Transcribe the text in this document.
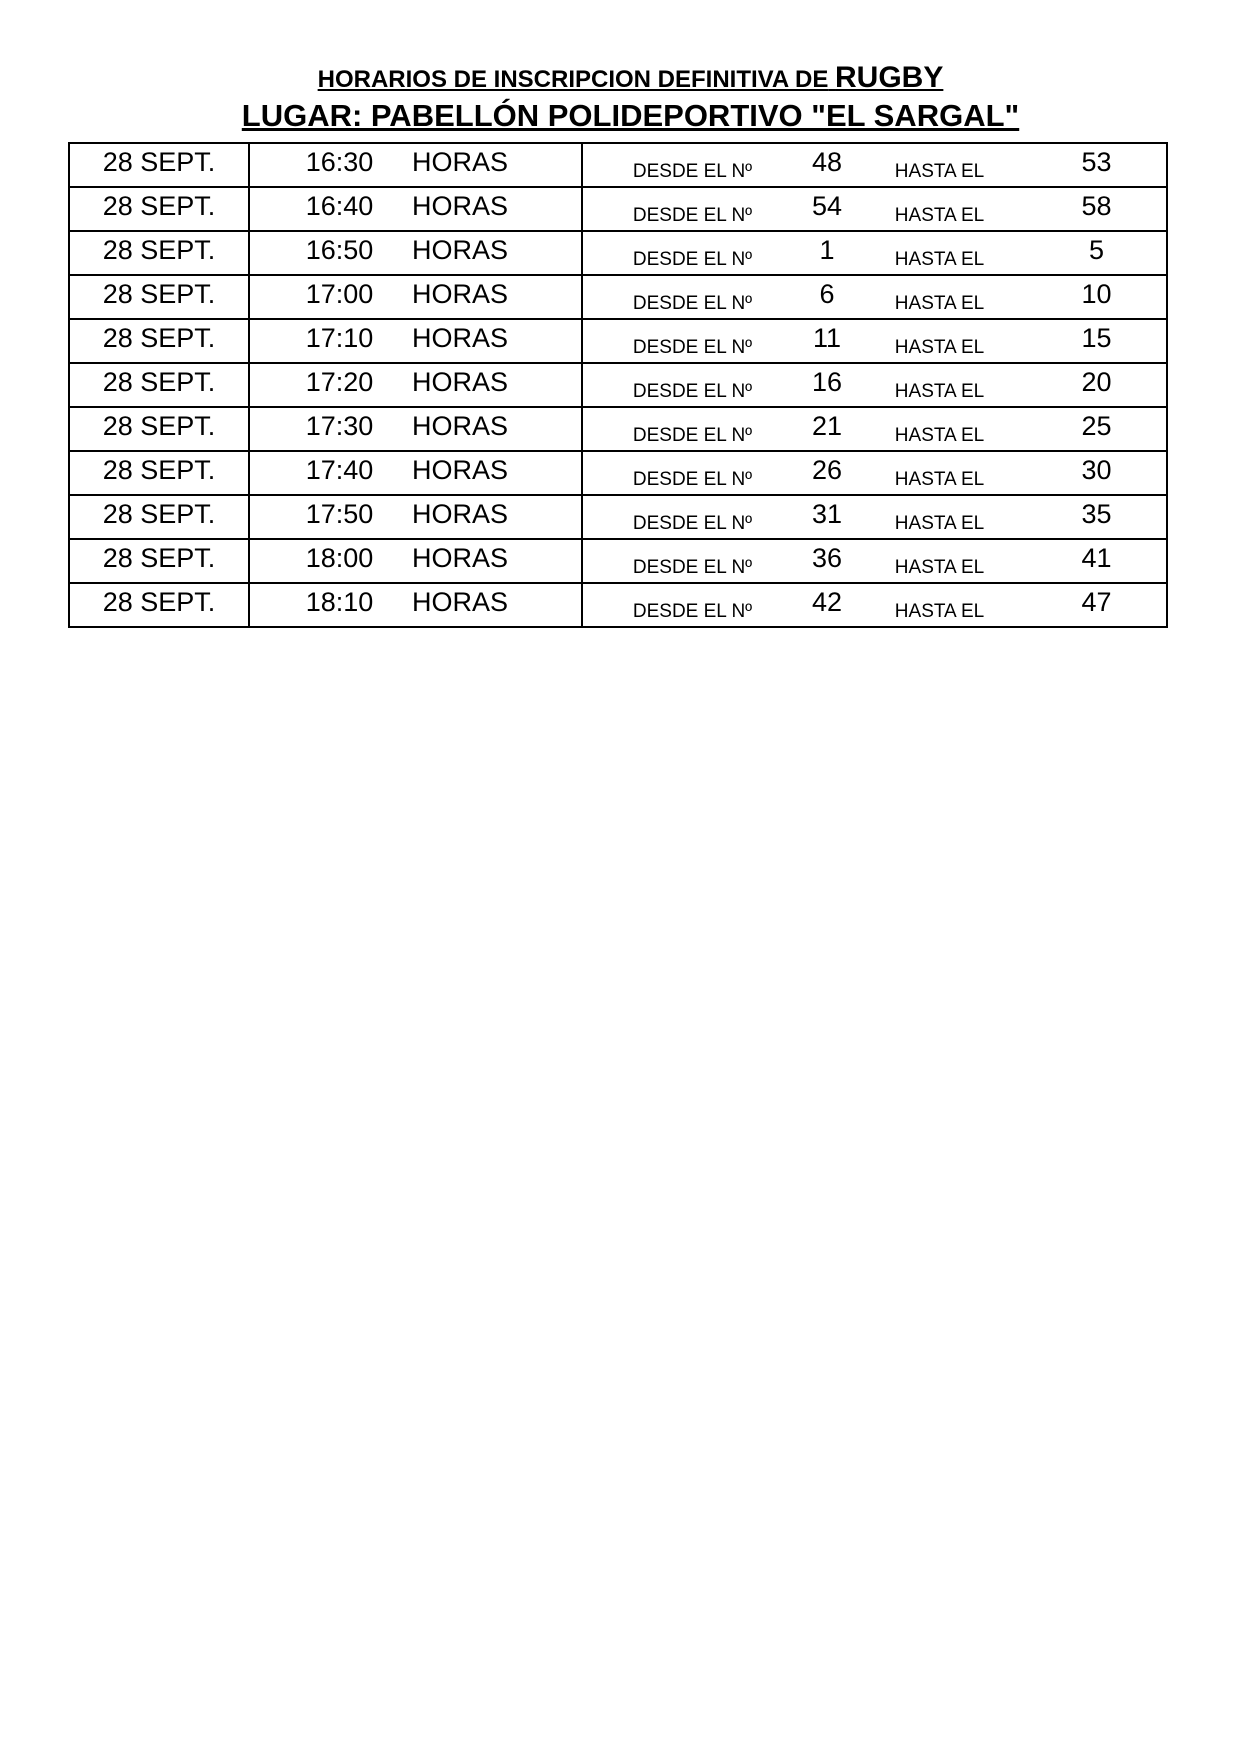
HORARIOS DE INSCRIPCION DEFINITIVA DE RUGBY
LUGAR: PABELLÓN POLIDEPORTIVO "EL SARGAL"
28 SEPT.	16:30	HORAS	DESDE EL Nº	48	HASTA EL	53
28 SEPT.	16:40	HORAS	DESDE EL Nº	54	HASTA EL	58
28 SEPT.	16:50	HORAS	DESDE EL Nº	1	HASTA EL	5
28 SEPT.	17:00	HORAS	DESDE EL Nº	6	HASTA EL	10
28 SEPT.	17:10	HORAS	DESDE EL Nº	11	HASTA EL	15
28 SEPT.	17:20	HORAS	DESDE EL Nº	16	HASTA EL	20
28 SEPT.	17:30	HORAS	DESDE EL Nº	21	HASTA EL	25
28 SEPT.	17:40	HORAS	DESDE EL Nº	26	HASTA EL	30
28 SEPT.	17:50	HORAS	DESDE EL Nº	31	HASTA EL	35
28 SEPT.	18:00	HORAS	DESDE EL Nº	36	HASTA EL	41
28 SEPT.	18:10	HORAS	DESDE EL Nº	42	HASTA EL	47
